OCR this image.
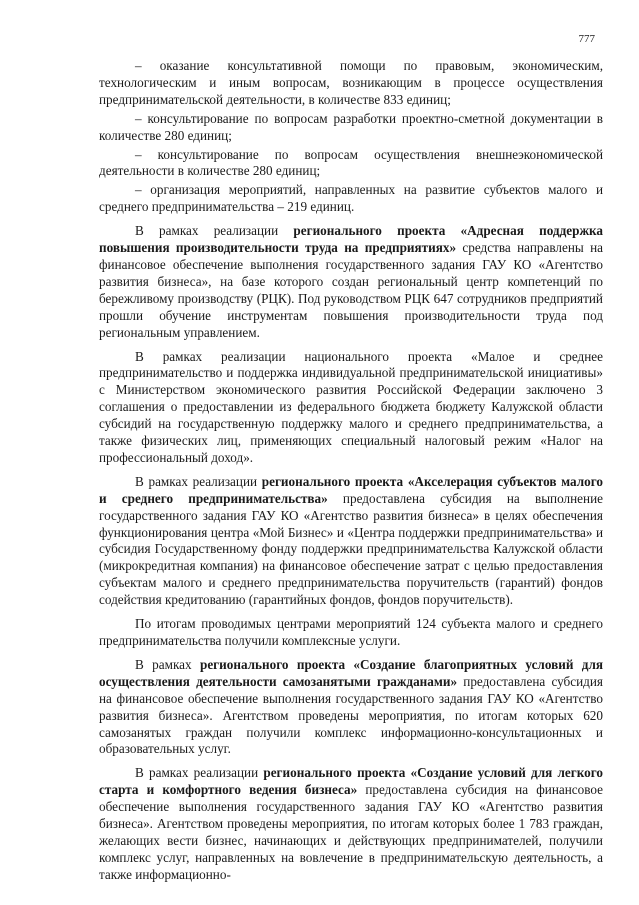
777

– оказание консультативной помощи по правовым, экономическим, технологическим и иным вопросам, возникающим в процессе осуществления предпринимательской деятельности, в количестве 833 единиц;

– консультирование по вопросам разработки проектно-сметной документации в количестве 280 единиц;

– консультирование по вопросам осуществления внешнеэкономической деятельности в количестве 280 единиц;

– организация мероприятий, направленных на развитие субъектов малого и среднего предпринимательства – 219 единиц.

В рамках реализации регионального проекта «Адресная поддержка повышения производительности труда на предприятиях» средства направлены на финансовое обеспечение выполнения государственного задания ГАУ КО «Агентство развития бизнеса», на базе которого создан региональный центр компетенций по бережливому производству (РЦК). Под руководством РЦК 647 сотрудников предприятий прошли обучение инструментам повышения производительности труда под региональным управлением.

В рамках реализации национального проекта «Малое и среднее предпринимательство и поддержка индивидуальной предпринимательской инициативы» с Министерством экономического развития Российской Федерации заключено 3 соглашения о предоставлении из федерального бюджета бюджету Калужской области субсидий на государственную поддержку малого и среднего предпринимательства, а также физических лиц, применяющих специальный налоговый режим «Налог на профессиональный доход».

В рамках реализации регионального проекта «Акселерация субъектов малого и среднего предпринимательства» предоставлена субсидия на выполнение государственного задания ГАУ КО «Агентство развития бизнеса» в целях обеспечения функционирования центра «Мой Бизнес» и «Центра поддержки предпринимательства» и субсидия Государственному фонду поддержки предпринимательства Калужской области (микрокредитная компания) на финансовое обеспечение затрат с целью предоставления субъектам малого и среднего предпринимательства поручительств (гарантий) фондов содействия кредитованию (гарантийных фондов, фондов поручительств).

По итогам проводимых центрами мероприятий 124 субъекта малого и среднего предпринимательства получили комплексные услуги.

В рамках регионального проекта «Создание благоприятных условий для осуществления деятельности самозанятыми гражданами» предоставлена субсидия на финансовое обеспечение выполнения государственного задания ГАУ КО «Агентство развития бизнеса». Агентством проведены мероприятия, по итогам которых 620 самозанятых граждан получили комплекс информационно-консультационных и образовательных услуг.

В рамках реализации регионального проекта «Создание условий для легкого старта и комфортного ведения бизнеса» предоставлена субсидия на финансовое обеспечение выполнения государственного задания ГАУ КО «Агентство развития бизнеса». Агентством проведены мероприятия, по итогам которых более 1 783 граждан, желающих вести бизнес, начинающих и действующих предпринимателей, получили комплекс услуг, направленных на вовлечение в предпринимательскую деятельность, а также информационно-
